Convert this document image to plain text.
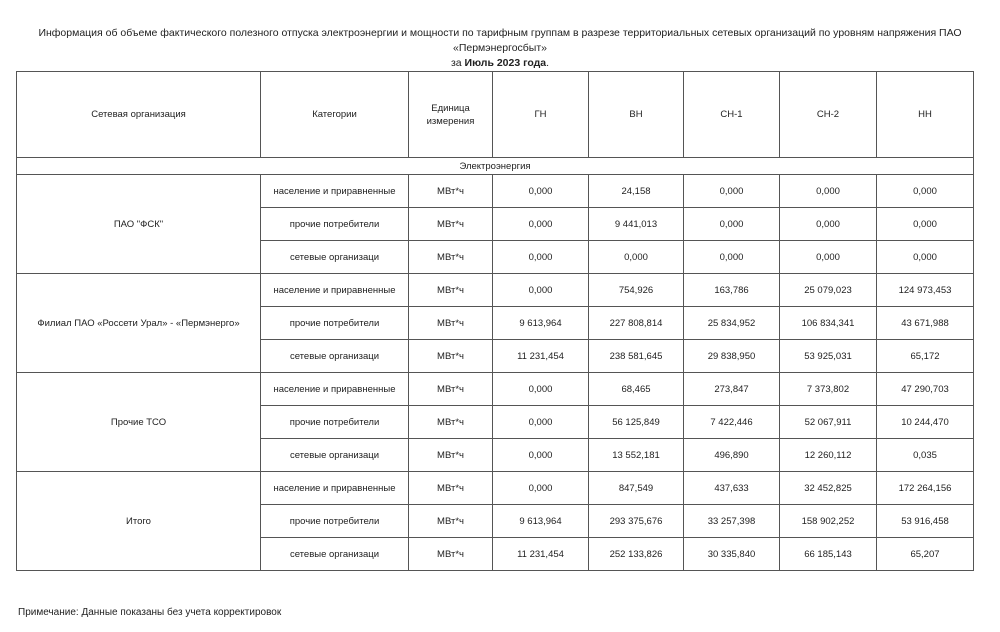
Информация об объеме фактического полезного отпуска электроэнергии и мощности по тарифным группам в разрезе территориальных сетевых организаций по уровням напряжения ПАО «Пермэнергосбыт»
за Июль 2023 года.
Сетевая организация	Категории	Единица измерения	ГН	ВН	СН-1	СН-2	НН
Электроэнергия							
ПАО "ФСК"	население и приравненные	МВт*ч	0,000	24,158	0,000	0,000	0,000
	прочие потребители	МВт*ч	0,000	9 441,013	0,000	0,000	0,000
	сетевые организаци	МВт*ч	0,000	0,000	0,000	0,000	0,000
Филиал ПАО «Россети Урал» - «Пермэнерго»	население и приравненные	МВт*ч	0,000	754,926	163,786	25 079,023	124 973,453
	прочие потребители	МВт*ч	9 613,964	227 808,814	25 834,952	106 834,341	43 671,988
	сетевые организаци	МВт*ч	11 231,454	238 581,645	29 838,950	53 925,031	65,172
Прочие ТСО	население и приравненные	МВт*ч	0,000	68,465	273,847	7 373,802	47 290,703
	прочие потребители	МВт*ч	0,000	56 125,849	7 422,446	52 067,911	10 244,470
	сетевые организаци	МВт*ч	0,000	13 552,181	496,890	12 260,112	0,035
Итого	население и приравненные	МВт*ч	0,000	847,549	437,633	32 452,825	172 264,156
	прочие потребители	МВт*ч	9 613,964	293 375,676	33 257,398	158 902,252	53 916,458
	сетевые организаци	МВт*ч	11 231,454	252 133,826	30 335,840	66 185,143	65,207
Примечание: Данные показаны без учета корректировок
